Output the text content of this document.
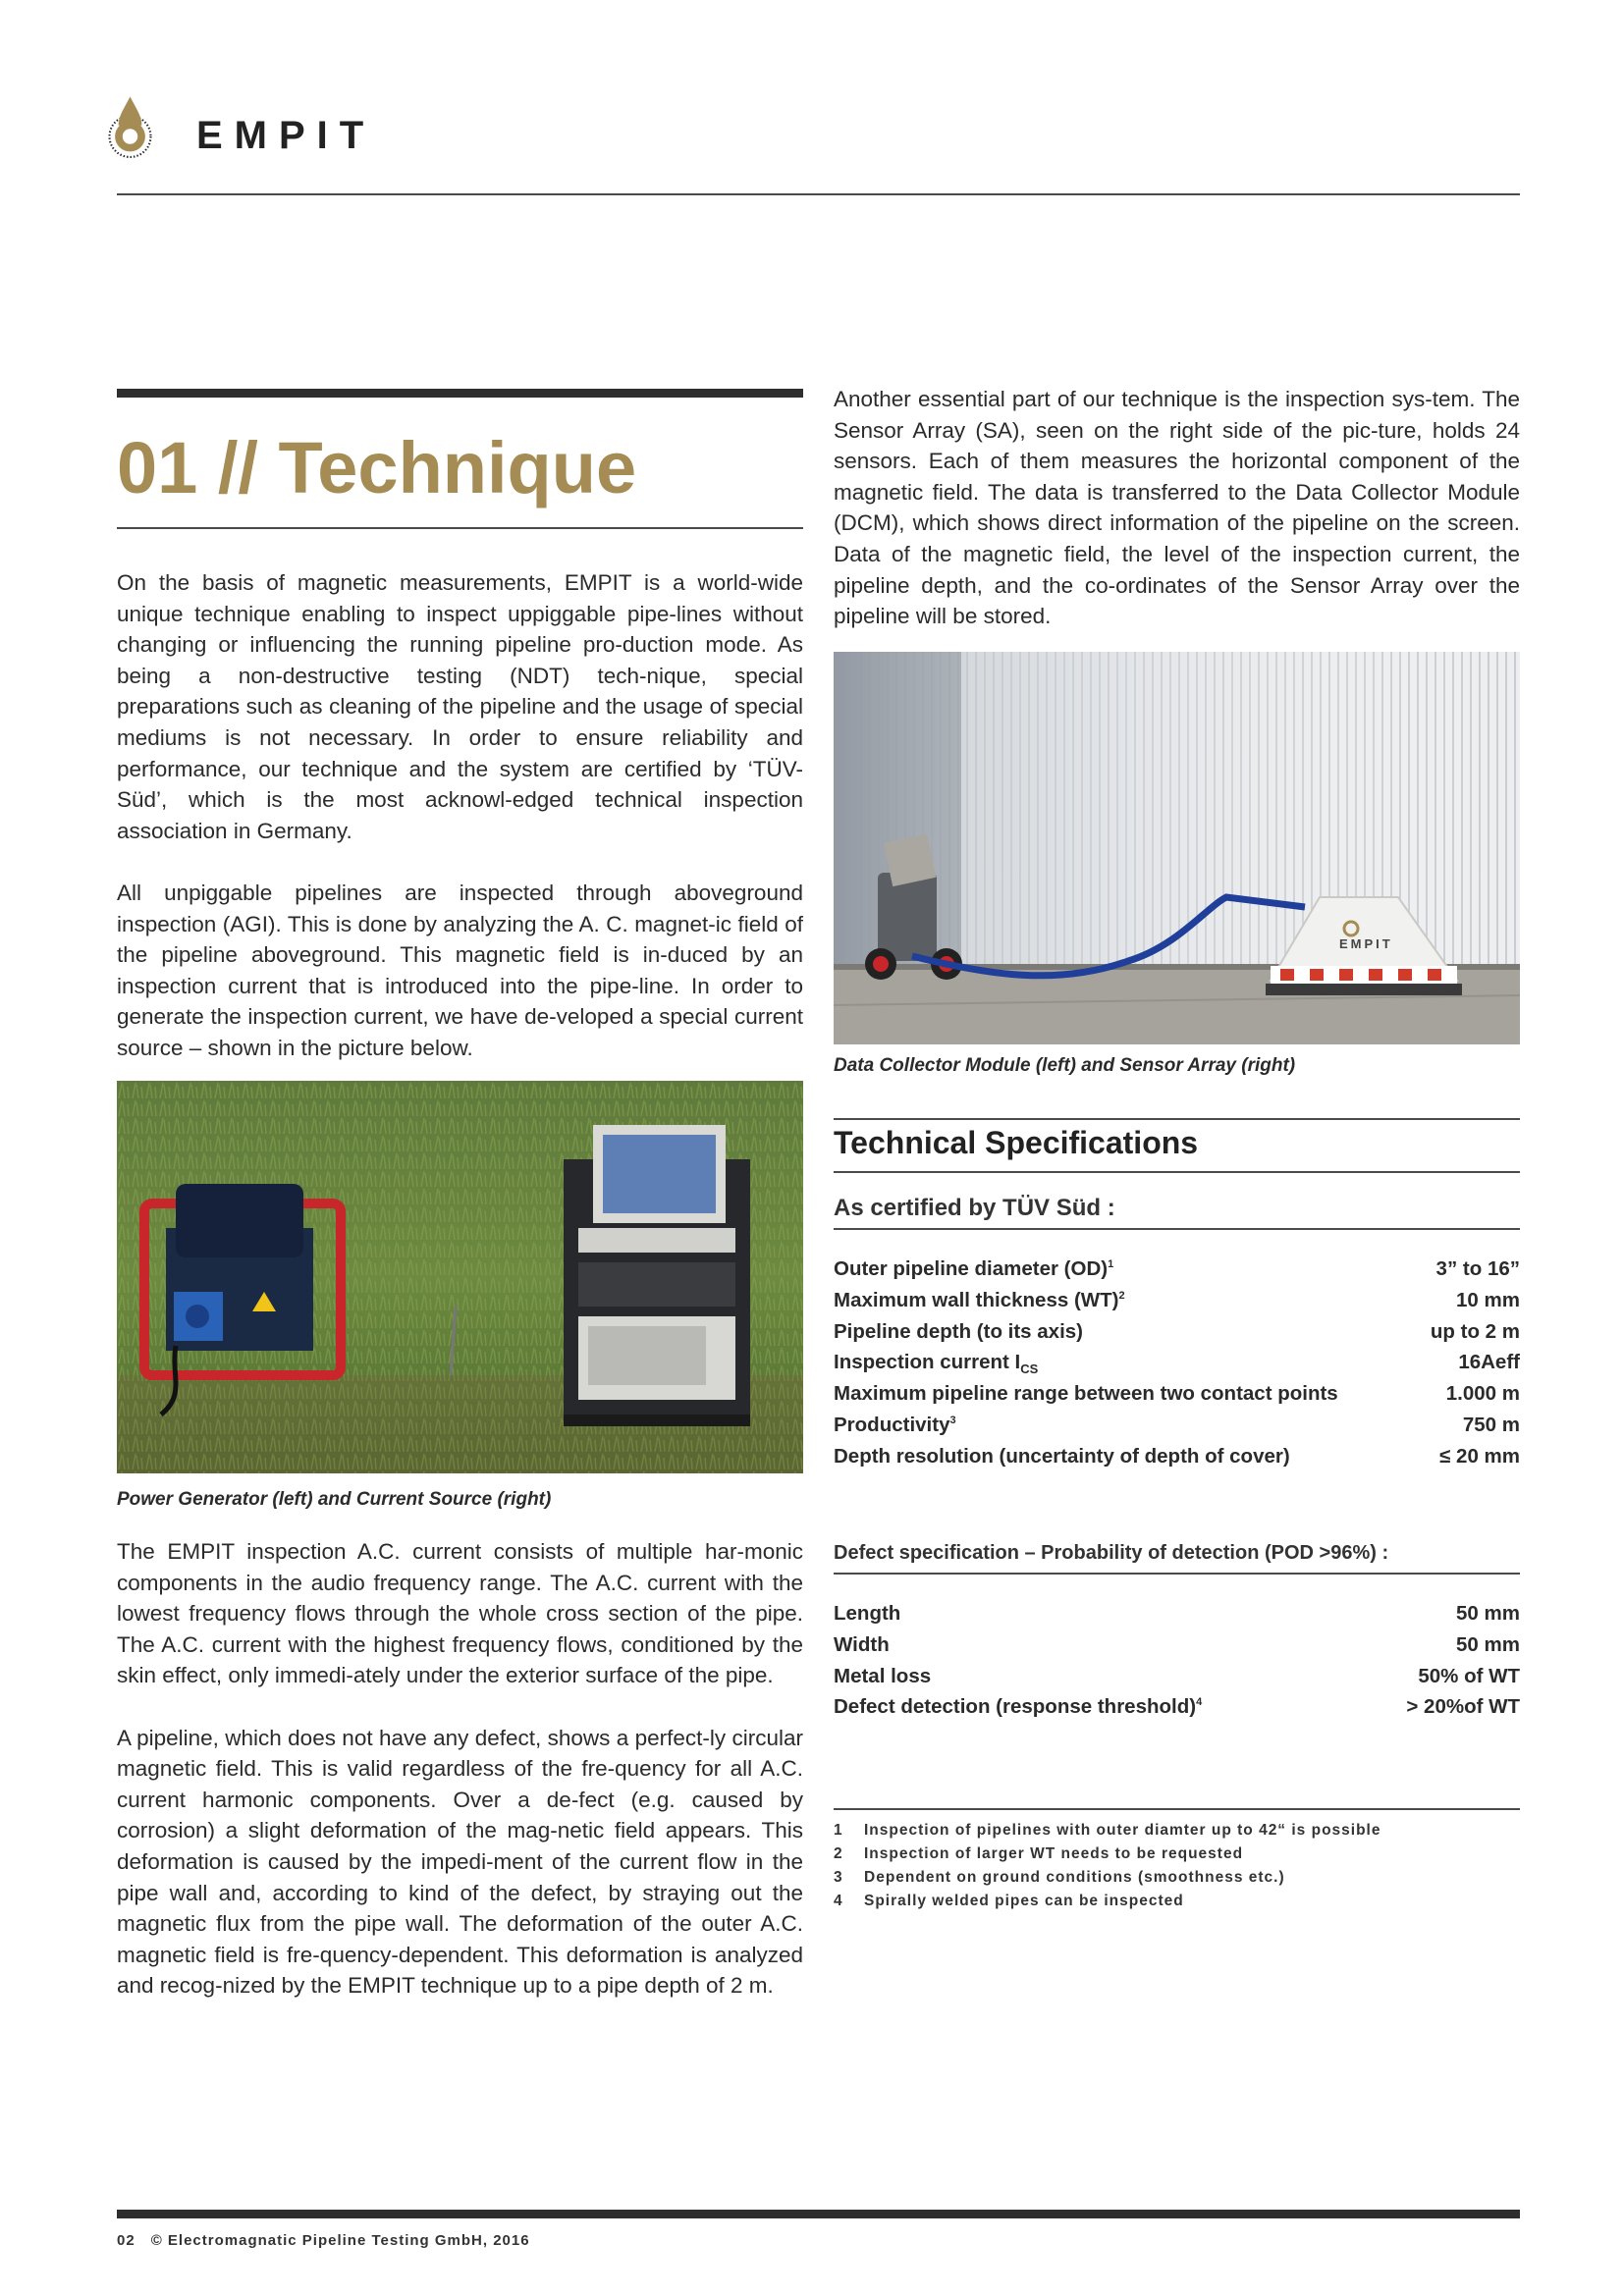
EMPIT
01 // Technique

On the basis of magnetic measurements, EMPIT is a world-wide unique technique enabling to inspect uppiggable pipe-lines without changing or influencing the running pipeline pro-duction mode. As being a non-destructive testing (NDT) tech-nique, special preparations such as cleaning of the pipeline and the usage of special mediums is not necessary. In order to ensure reliability and performance, our technique and the system are certified by ‘TÜV-Süd’, which is the most acknowl-edged technical inspection association in Germany.

All unpiggable pipelines are inspected through aboveground inspection (AGI). This is done by analyzing the A. C. magnet-ic field of the pipeline aboveground. This magnetic field is in-duced by an inspection current that is introduced into the pipe-line. In order to generate the inspection current, we have de-veloped a special current source – shown in the picture below.

Power Generator (left) and Current Source (right)

The EMPIT inspection A.C. current consists of multiple har-monic components in the audio frequency range. The A.C. current with the lowest frequency flows through the whole cross section of the pipe. The A.C. current with the highest frequency flows, conditioned by the skin effect, only immedi-ately under the exterior surface of the pipe.

A pipeline, which does not have any defect, shows a perfect-ly circular magnetic field. This is valid regardless of the fre-quency for all A.C. current harmonic components. Over a de-fect (e.g. caused by corrosion) a slight deformation of the mag-netic field appears. This deformation is caused by the impedi-ment of the current flow in the pipe wall and, according to kind of the defect, by straying out the magnetic flux from the pipe wall. The deformation of the outer A.C. magnetic field is fre-quency-dependent. This deformation is analyzed and recog-nized by the EMPIT technique up to a pipe depth of 2 m.

Another essential part of our technique is the inspection sys-tem. The Sensor Array (SA), seen on the right side of the pic-ture, holds 24 sensors. Each of them measures the horizontal component of the magnetic field. The data is transferred to the Data Collector Module (DCM), which shows direct information of the pipeline on the screen. Data of the magnetic field, the level of the inspection current, the pipeline depth, and the co-ordinates of the Sensor Array over the pipeline will be stored.

EMPIT
Data Collector Module (left) and Sensor Array (right)
Technical Specifications
As certified by TÜV Süd :
Outer pipeline diameter (OD)$^1$	3” to 16”
Maximum wall thickness (WT)$^2$	10 mm
Pipeline depth (to its axis)	up to 2 m
Inspection current $I_{CS}$	16Aeff
Maximum pipeline range between two contact points	1.000 m
Productivity$^3$	750 m
Depth resolution (uncertainty of depth of cover)	≤ 20 mm
Defect specification – Probability of detection (POD >96%) :
Length	50 mm
Width	50 mm
Metal loss	50% of WT
Defect detection (response threshold)$^4$	> 20%of WT
1	Inspection of pipelines with outer diamter up to 42“ is possible
2	Inspection of larger WT needs to be requested
3	Dependent on ground conditions (smoothness etc.)
4	Spirally welded pipes can be inspected
02 © Electromagnatic Pipeline Testing GmbH, 2016
